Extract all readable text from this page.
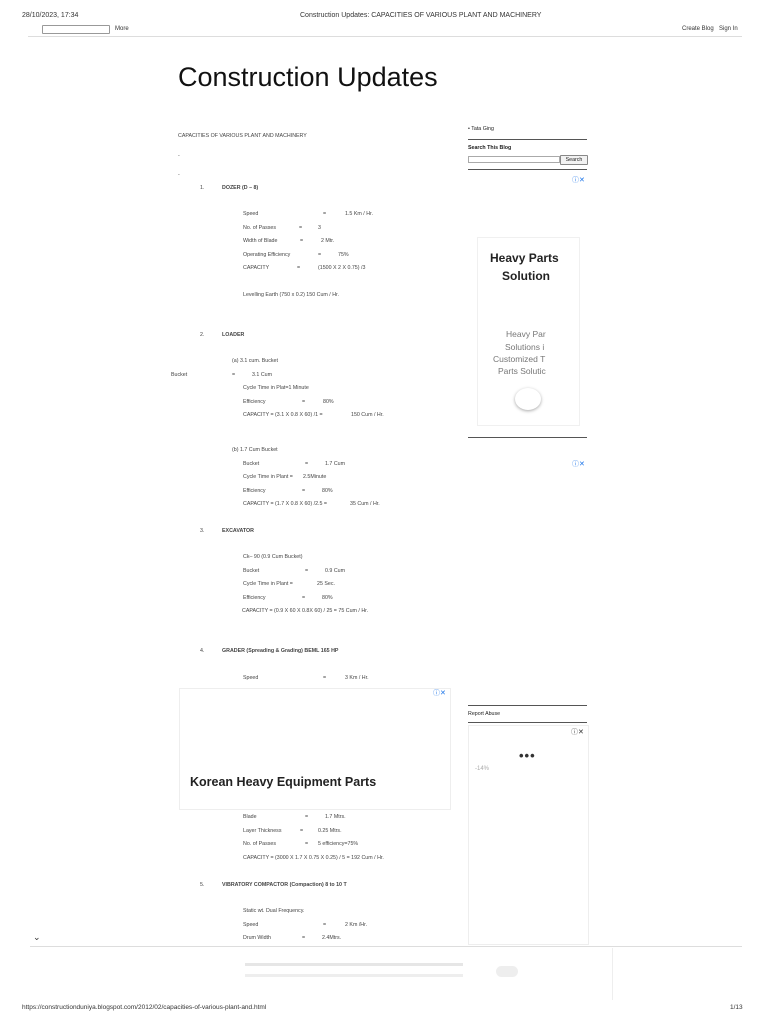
28/10/2023, 17:34	Construction Updates: CAPACITIES OF VARIOUS PLANT AND MACHINERY
More	Create Blog Sign In
Construction Updates
CAPACITIES OF VARIOUS PLANT AND MACHINERY
-
-
1.	DOZER (D – 8)
Speed	=	1.5 Km / Hr.
No. of Passes	=	3
Width of Blade	=	2 Mtr.
Operating Efficiency	=	75%
CAPACITY	=	(1500 X 2 X 0.75) /3
Levelling Earth (750 x 0.2) 150 Cum / Hr.
2.	LOADER
(a) 3.1 cum. Bucket
Bucket	=	3.1 Cum
Cycle Time in Plat=1 Minute
Efficiency	=	80%
CAPACITY = (3.1 X 0.8 X 60) /1 =	150 Cum / Hr.
(b) 1.7 Cum Bucket
Bucket	=	1.7 Cum
Cycle Time in Plant = 2.5Minute
Efficiency	=	80%
CAPACITY = (1.7 X 0.8 X 60) /2.5 =	35 Cum / Hr.
3.	EXCAVATOR
Ck– 90 (0.9 Cum Bucket)
Bucket	=	0.9 Cum
Cycle Time in Plant =	25 Sec.
Efficiency	=	80%
CAPACITY = (0.9 X 60 X 0.8X 60) / 25 = 75 Cum / Hr.
4.	GRADER (Spreading & Grading) BEML 165 HP
Speed	=	3 Km / Hr.
Blade	=	1.7 Mtrs.
Layer Thickness	=	0.25 Mtrs.
No. of Passes	= 5 efficiency=75%
CAPACITY = (3000 X 1.7 X 0.75 X 0.25) / 5 = 192 Cum / Hr.
5.	VIBRATORY COMPACTOR (Compaction) 8 to 10 T
Static wt. Dual Frequency.
Speed	=	2 Km /Hr.
Drum Width	=	2.4Mtrs.
Korean Heavy Equipment Parts
ⓘ✕
• Tata Ging
Search This Blog
Search
ⓘ✕
Heavy Parts
Solution
Heavy Par
Solutions i
Customized T
Parts Solutic
ⓘ✕
Report Abuse
•••
-14%
ⓘ✕
⌄
https://constructionduniya.blogspot.com/2012/02/capacities-of-various-plant-and.html	1/13
